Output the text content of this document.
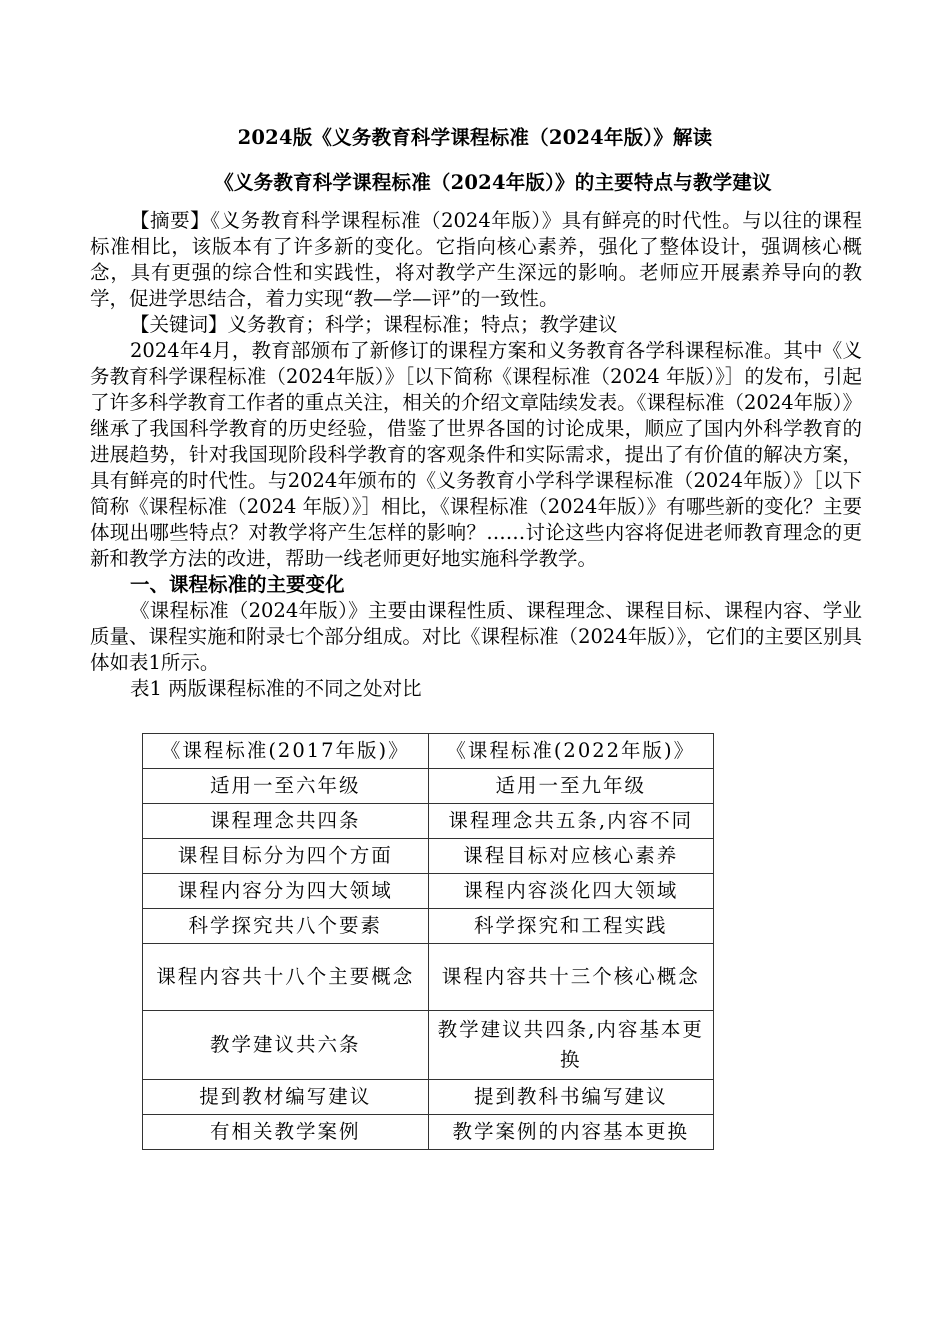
2024版《义务教育科学课程标准（2024年版）》解读
《义务教育科学课程标准（2024年版）》的主要特点与教学建议

【摘要】《义务教育科学课程标准（2024年版）》具有鲜亮的时代性。与以往的课程标准相比，该版本有了许多新的变化。它指向核心素养，强化了整体设计，强调核心概念，具有更强的综合性和实践性，将对教学产生深远的影响。老师应开展素养导向的教学，促进学思结合，着力实现“教—学—评”的一致性。

【关键词】义务教育；科学；课程标准；特点；教学建议

2024年4月，教育部颁布了新修订的课程方案和义务教育各学科课程标准。其中《义务教育科学课程标准（2024年版）》［以下简称《课程标准（2024 年版）》］的发布，引起了许多科学教育工作者的重点关注，相关的介绍文章陆续发表。《课程标准（2024年版）》继承了我国科学教育的历史经验，借鉴了世界各国的讨论成果，顺应了国内外科学教育的进展趋势，针对我国现阶段科学教育的客观条件和实际需求，提出了有价值的解决方案，具有鲜亮的时代性。与2024年颁布的《义务教育小学科学课程标准（2024年版）》［以下简称《课程标准（2024 年版）》］相比，《课程标准（2024年版）》有哪些新的变化？主要体现出哪些特点？对教学将产生怎样的影响？……讨论这些内容将促进老师教育理念的更新和教学方法的改进，帮助一线老师更好地实施科学教学。

一、课程标准的主要变化

《课程标准（2024年版）》主要由课程性质、课程理念、课程目标、课程内容、学业质量、课程实施和附录七个部分组成。对比《课程标准（2024年版）》，它们的主要区别具体如表1所示。

表1 两版课程标准的不同之处对比

《课程标准(2017年版)》	《课程标准(2022年版)》
适用一至六年级	适用一至九年级
课程理念共四条	课程理念共五条,内容不同
课程目标分为四个方面	课程目标对应核心素养
课程内容分为四大领域	课程内容淡化四大领域
科学探究共八个要素	科学探究和工程实践
课程内容共十八个主要概念	课程内容共十三个核心概念
教学建议共六条	教学建议共四条,内容基本更换
提到教材编写建议	提到教科书编写建议
有相关教学案例	教学案例的内容基本更换
